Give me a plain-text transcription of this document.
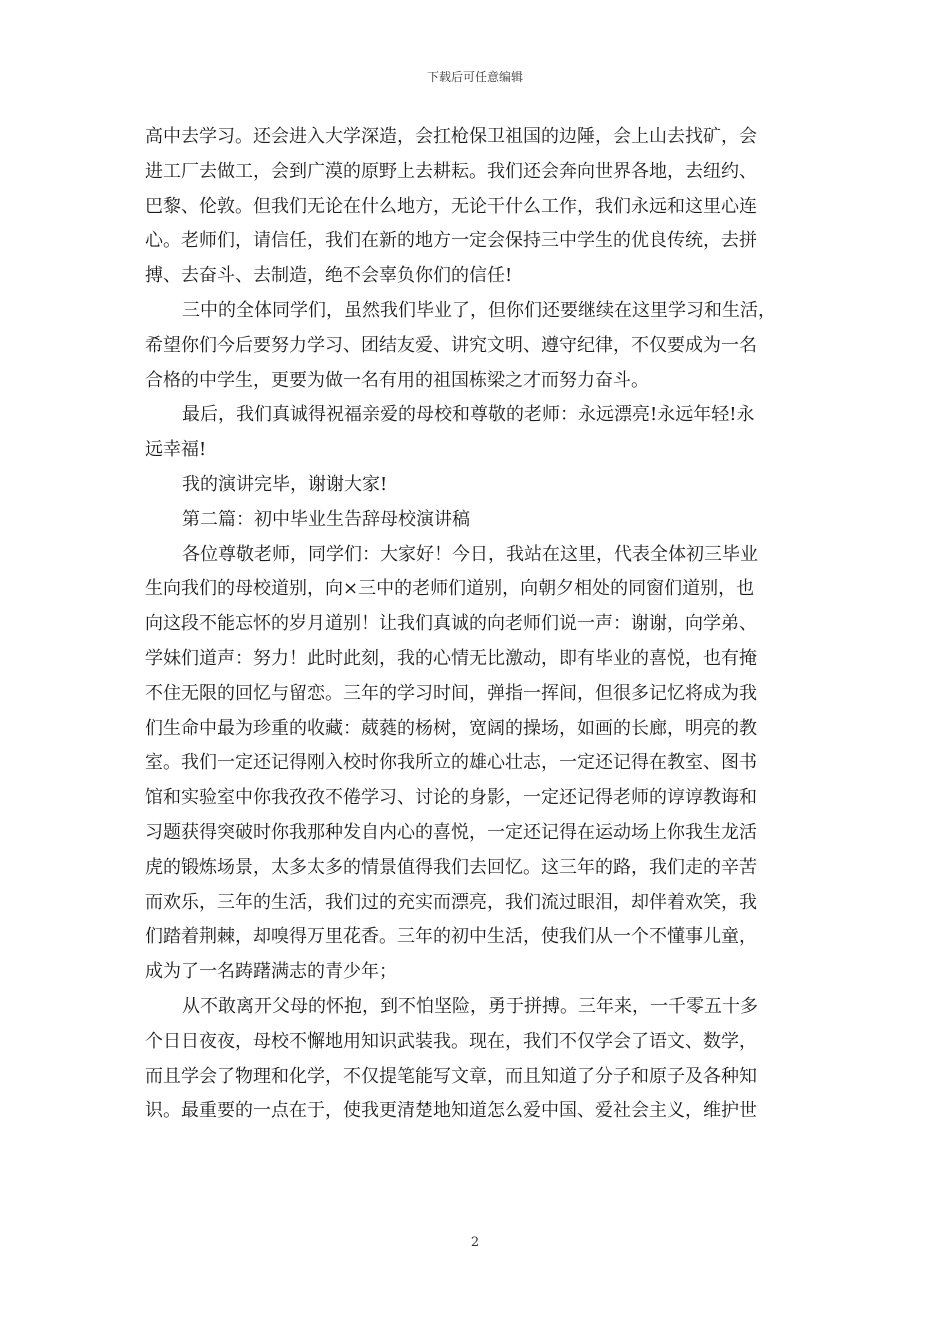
下载后可任意编辑
高中去学习。还会进入大学深造，会扛枪保卫祖国的边陲，会上山去找矿，会
进工厂去做工，会到广漠的原野上去耕耘。我们还会奔向世界各地，去纽约、
巴黎、伦敦。但我们无论在什么地方，无论干什么工作，我们永远和这里心连
心。老师们，请信任，我们在新的地方一定会保持三中学生的优良传统，去拼
搏、去奋斗、去制造，绝不会辜负你们的信任!
三中的全体同学们，虽然我们毕业了，但你们还要继续在这里学习和生活，
希望你们今后要努力学习、团结友爱、讲究文明、遵守纪律，不仅要成为一名
合格的中学生，更要为做一名有用的祖国栋梁之才而努力奋斗。
最后，我们真诚得祝福亲爱的母校和尊敬的老师：永远漂亮!永远年轻!永
远幸福!
我的演讲完毕，谢谢大家!
第二篇：初中毕业生告辞母校演讲稿
各位尊敬老师，同学们：大家好！今日，我站在这里，代表全体初三毕业
生向我们的母校道别，向×三中的老师们道别，向朝夕相处的同窗们道别，也
向这段不能忘怀的岁月道别！让我们真诚的向老师们说一声：谢谢，向学弟、
学妹们道声：努力！此时此刻，我的心情无比激动，即有毕业的喜悦，也有掩
不住无限的回忆与留恋。三年的学习时间，弹指一挥间，但很多记忆将成为我
们生命中最为珍重的收藏：葳蕤的杨树，宽阔的操场，如画的长廊，明亮的教
室。我们一定还记得刚入校时你我所立的雄心壮志，一定还记得在教室、图书
馆和实验室中你我孜孜不倦学习、讨论的身影，一定还记得老师的谆谆教诲和
习题获得突破时你我那种发自内心的喜悦，一定还记得在运动场上你我生龙活
虎的锻炼场景，太多太多的情景值得我们去回忆。这三年的路，我们走的辛苦
而欢乐，三年的生活，我们过的充实而漂亮，我们流过眼泪，却伴着欢笑，我
们踏着荆棘，却嗅得万里花香。三年的初中生活，使我们从一个不懂事儿童，
成为了一名踌躇满志的青少年；
从不敢离开父母的怀抱，到不怕坚险，勇于拼搏。三年来，一千零五十多
个日日夜夜，母校不懈地用知识武装我。现在，我们不仅学会了语文、数学，
而且学会了物理和化学，不仅提笔能写文章，而且知道了分子和原子及各种知
识。最重要的一点在于，使我更清楚地知道怎么爱中国、爱社会主义，维护世
2
